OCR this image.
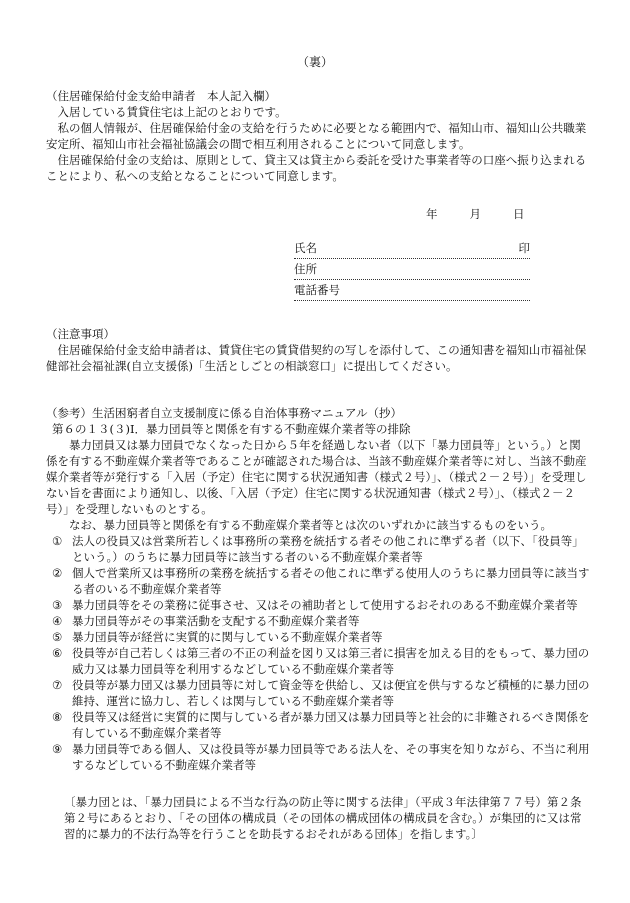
（裏）

（住居確保給付金支給申請者　本人記入欄）

入居している賃貸住宅は上記のとおりです。

私の個人情報が、住居確保給付金の支給を行うために必要となる範囲内で、福知山市、福知山公共職業安定所、福知山市社会福祉協議会の間で相互利用されることについて同意します。

住居確保給付金の支給は、原則として、貸主又は貸主から委託を受けた事業者等の口座へ振り込まれることにより、私への支給となることについて同意します。

年	月	日
氏名	印
住所
電話番号

（注意事項）

住居確保給付金支給申請者は、賃貸住宅の賃貸借契約の写しを添付して、この通知書を福知山市福祉保健部社会福祉課(自立支援係)「生活としごとの相談窓口」に提出してください。

（参考）生活困窮者自立支援制度に係る自治体事務マニュアル（抄）

第６の１３(３)Ⅰ．暴力団員等と関係を有する不動産媒介業者等の排除

暴力団員又は暴力団員でなくなった日から５年を経過しない者（以下「暴力団員等」という。）と関係を有する不動産媒介業者等であることが確認された場合は、当該不動産媒介業者等に対し、当該不動産媒介業者等が発行する「入居（予定）住宅に関する状況通知書（様式２号）」、（様式２－２号）」を受理しない旨を書面により通知し、以後、「入居（予定）住宅に関する状況通知書（様式２号）」、（様式２－２号）」を受理しないものとする。

なお、暴力団員等と関係を有する不動産媒介業者等とは次のいずれかに該当するものをいう。

① 法人の役員又は営業所若しくは事務所の業務を統括する者その他これに準ずる者（以下、「役員等」という。）のうちに暴力団員等に該当する者のいる不動産媒介業者等

② 個人で営業所又は事務所の業務を統括する者その他これに準ずる使用人のうちに暴力団員等に該当する者のいる不動産媒介業者等

③ 暴力団員等をその業務に従事させ、又はその補助者として使用するおそれのある不動産媒介業者等

④ 暴力団員等がその事業活動を支配する不動産媒介業者等

⑤ 暴力団員等が経営に実質的に関与している不動産媒介業者等

⑥ 役員等が自己若しくは第三者の不正の利益を図り又は第三者に損害を加える目的をもって、暴力団の威力又は暴力団員等を利用するなどしている不動産媒介業者等

⑦ 役員等が暴力団又は暴力団員等に対して資金等を供給し、又は便宜を供与するなど積極的に暴力団の維持、運営に協力し、若しくは関与している不動産媒介業者等

⑧ 役員等又は経営に実質的に関与している者が暴力団又は暴力団員等と社会的に非難されるべき関係を有している不動産媒介業者等

⑨ 暴力団員等である個人、又は役員等が暴力団員等である法人を、その事実を知りながら、不当に利用するなどしている不動産媒介業者等

〔暴力団とは、「暴力団員による不当な行為の防止等に関する法律」（平成３年法律第７７号）第２条第２号にあるとおり、「その団体の構成員（その団体の構成団体の構成員を含む。）が集団的に又は常習的に暴力的不法行為等を行うことを助長するおそれがある団体」を指します。〕
